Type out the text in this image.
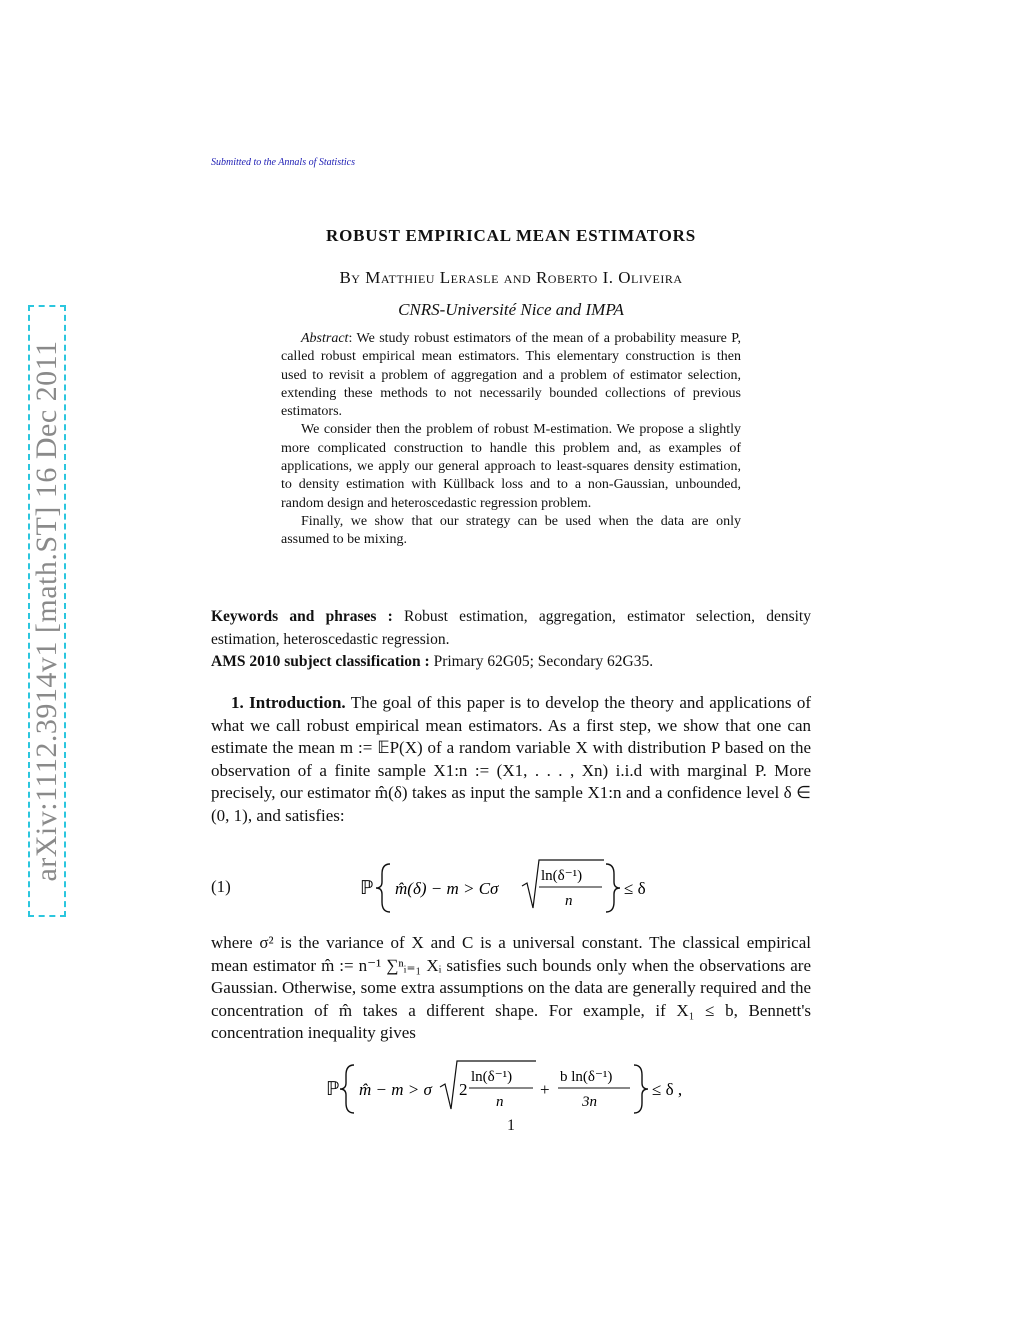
arXiv:1112.3914v1 [math.ST] 16 Dec 2011
Submitted to the Annals of Statistics
ROBUST EMPIRICAL MEAN ESTIMATORS
By Matthieu Lerasle and Roberto I. Oliveira
CNRS-Université Nice and IMPA

Abstract: We study robust estimators of the mean of a probability measure P, called robust empirical mean estimators. This elementary construction is then used to revisit a problem of aggregation and a problem of estimator selection, extending these methods to not necessarily bounded collections of previous estimators.

We consider then the problem of robust M-estimation. We propose a slightly more complicated construction to handle this problem and, as examples of applications, we apply our general approach to least-squares density estimation, to density estimation with Küllback loss and to a non-Gaussian, unbounded, random design and heteroscedastic regression problem.

Finally, we show that our strategy can be used when the data are only assumed to be mixing.

Keywords and phrases : Robust estimation, aggregation, estimator selection, density estimation, heteroscedastic regression.

AMS 2010 subject classification : Primary 62G05; Secondary 62G35.

1. Introduction. The goal of this paper is to develop the theory and applications of what we call robust empirical mean estimators. As a first step, we show that one can estimate the mean m := 𝔼P(X) of a random variable X with distribution P based on the observation of a finite sample X1:n := (X1, . . . , Xn) i.i.d with marginal P. More precisely, our estimator m̂(δ) takes as input the sample X1:n and a confidence level δ ∈ (0, 1), and satisfies:

(1)	ℙ m̂(δ) − m > Cσ
ln(δ⁻¹)
n
≤ δ

where σ² is the variance of X and C is a universal constant. The classical empirical mean estimator m̂ := n⁻¹ ∑ⁿᵢ₌₁ Xᵢ satisfies such bounds only when the observations are Gaussian. Otherwise, some extra assumptions on the data are generally required and the concentration of m̂ takes a different shape. For example, if X₁ ≤ b, Bennett's concentration inequality gives

ℙ m̂ − m > σ 2
ln(δ⁻¹)
n
+
b ln(δ⁻¹)
3n
≤ δ ,
1
